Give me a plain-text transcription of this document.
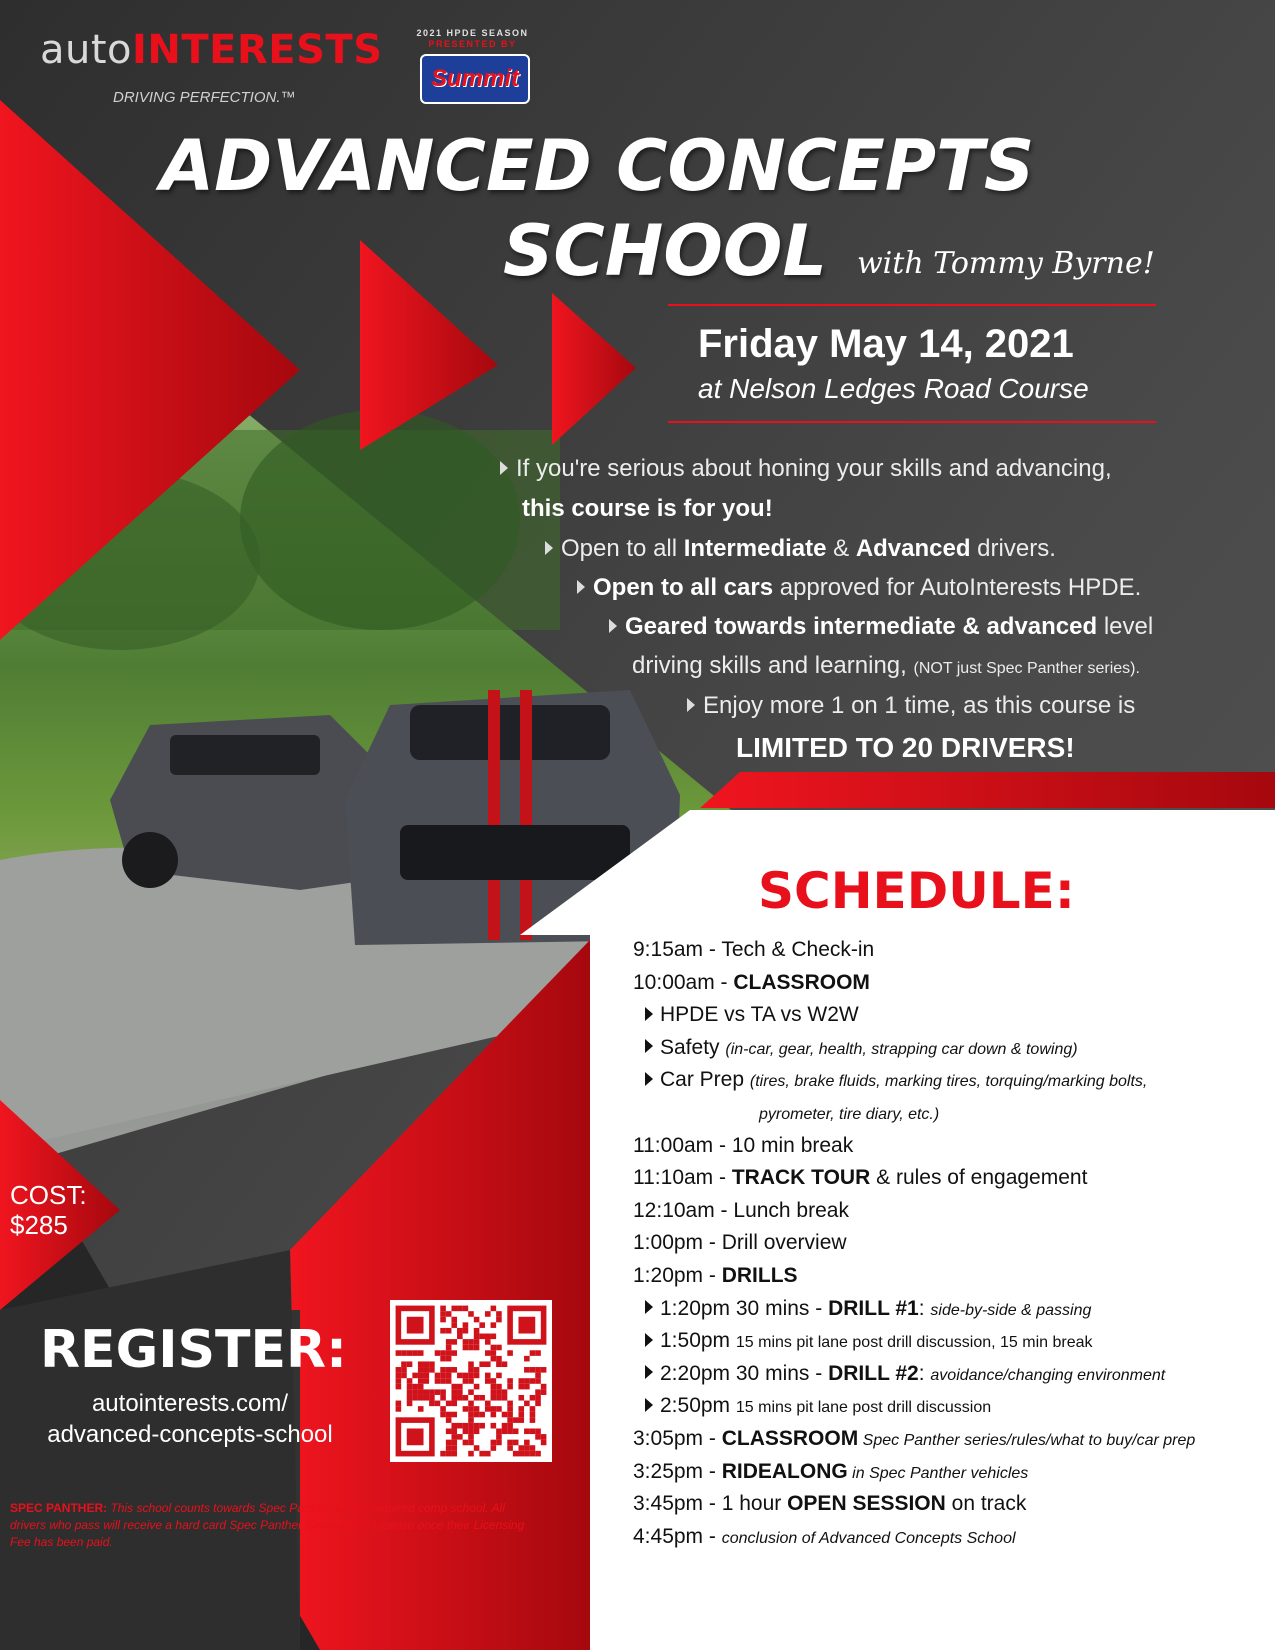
autoINTERESTS
DRIVING PERFECTION.™
2021 HPDE SEASON
PRESENTED BY
Summit
ADVANCED CONCEPTS
SCHOOL with Tommy Byrne!
Friday May 14, 2021
at Nelson Ledges Road Course
If you're serious about honing your skills and advancing,
this course is for you!
Open to all Intermediate & Advanced drivers.
Open to all cars approved for AutoInterests HPDE.
Geared towards intermediate & advanced level
driving skills and learning, (NOT just Spec Panther series).
Enjoy more 1 on 1 time, as this course is
LIMITED TO 20 DRIVERS!
SCHEDULE:
9:15am - Tech & Check-in
10:00am - CLASSROOM
HPDE vs TA vs W2W
Safety (in-car, gear, health, strapping car down & towing)
Car Prep (tires, brake fluids, marking tires, torquing/marking bolts,
pyrometer, tire diary, etc.)
11:00am - 10 min break
11:10am - TRACK TOUR & rules of engagement
12:10am - Lunch break
1:00pm - Drill overview
1:20pm - DRILLS
1:20pm 30 mins - DRILL #1: side-by-side & passing
1:50pm 15 mins pit lane post drill discussion, 15 min break
2:20pm 30 mins - DRILL #2: avoidance/changing environment
2:50pm 15 mins pit lane post drill discussion
3:05pm - CLASSROOM Spec Panther series/rules/what to buy/car prep
3:25pm - RIDEALONG in Spec Panther vehicles
3:45pm - 1 hour OPEN SESSION on track
4:45pm - conclusion of Advanced Concepts School
COST:
$285
REGISTER:
autointerests.com/
advanced-concepts-school
SPEC PANTHER: This school counts towards Spec Panther as the required comp school. All drivers who pass will receive a hard card Spec Panther Competition License once their Licensing Fee has been paid.
